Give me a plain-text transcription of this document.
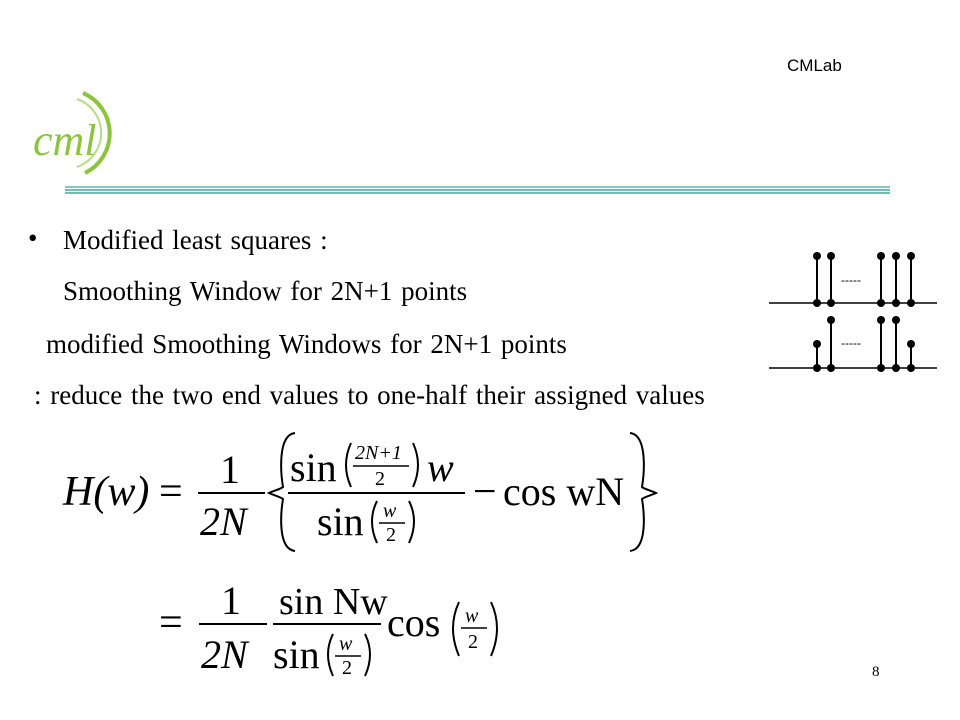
CMLab
cml
• Modified least squares :
Smoothing Window for 2N+1 points
modified Smoothing Windows for 2N+1 points
: reduce the two end values to one-half their assigned values
-----
-----
H(w) = 1
2N
sin 2N+1
2 w
sin w
2
− cos wN
= 1
2N
sin Nw
sin w
2
cos w
2
8
